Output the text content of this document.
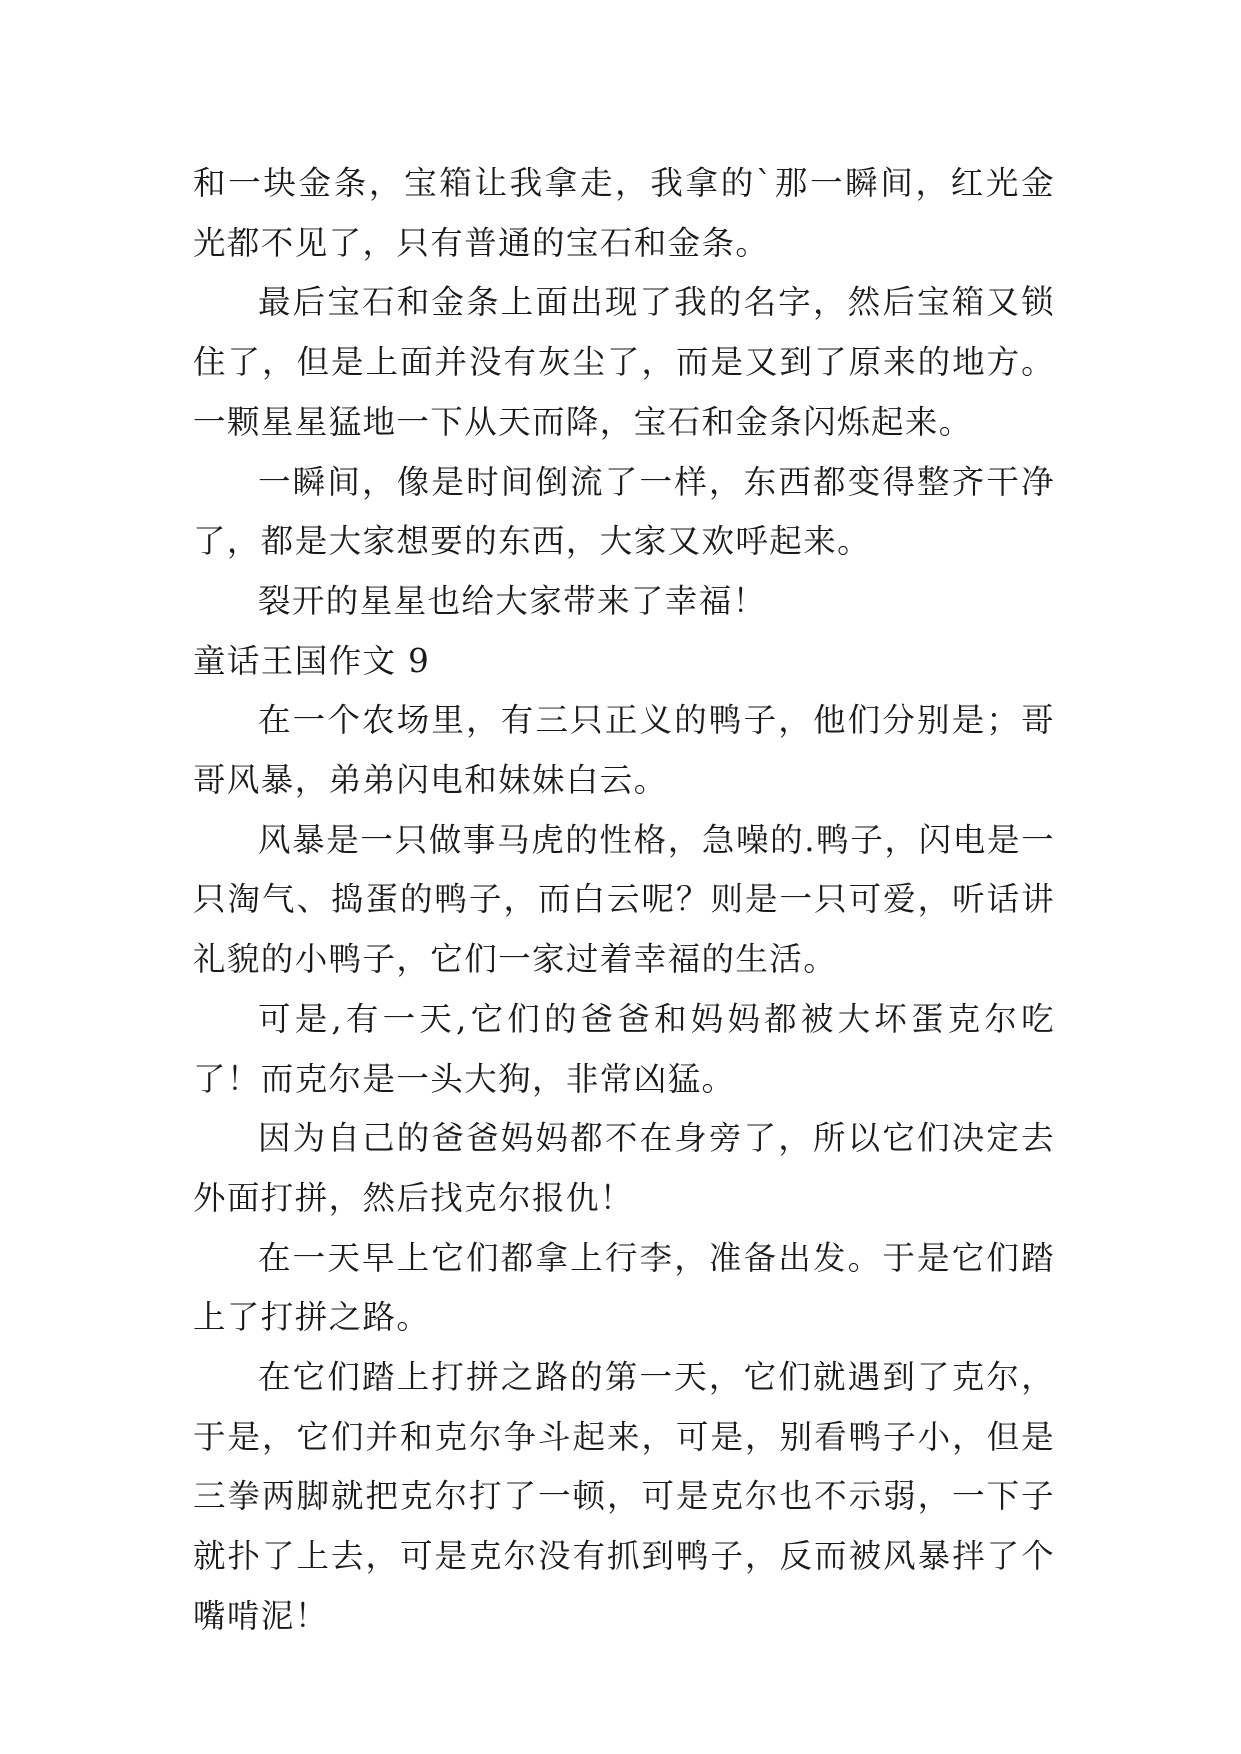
和一块金条，宝箱让我拿走，我拿的`那一瞬间，红光金光都不见了，只有普通的宝石和金条。

最后宝石和金条上面出现了我的名字，然后宝箱又锁住了，但是上面并没有灰尘了，而是又到了原来的地方。一颗星星猛地一下从天而降，宝石和金条闪烁起来。

一瞬间，像是时间倒流了一样，东西都变得整齐干净了，都是大家想要的东西，大家又欢呼起来。

裂开的星星也给大家带来了幸福！

童话王国作文 9

在一个农场里，有三只正义的鸭子，他们分别是；哥哥风暴，弟弟闪电和妹妹白云。

风暴是一只做事马虎的性格，急噪的.鸭子，闪电是一只淘气、捣蛋的鸭子，而白云呢？则是一只可爱，听话讲礼貌的小鸭子，它们一家过着幸福的生活。

可是,有一天,它们的爸爸和妈妈都被大坏蛋克尔吃了！而克尔是一头大狗，非常凶猛。

因为自己的爸爸妈妈都不在身旁了，所以它们决定去外面打拼，然后找克尔报仇！

在一天早上它们都拿上行李，准备出发。于是它们踏上了打拼之路。

在它们踏上打拼之路的第一天，它们就遇到了克尔，于是，它们并和克尔争斗起来，可是，别看鸭子小，但是三拳两脚就把克尔打了一顿，可是克尔也不示弱，一下子就扑了上去，可是克尔没有抓到鸭子，反而被风暴拌了个嘴啃泥！
